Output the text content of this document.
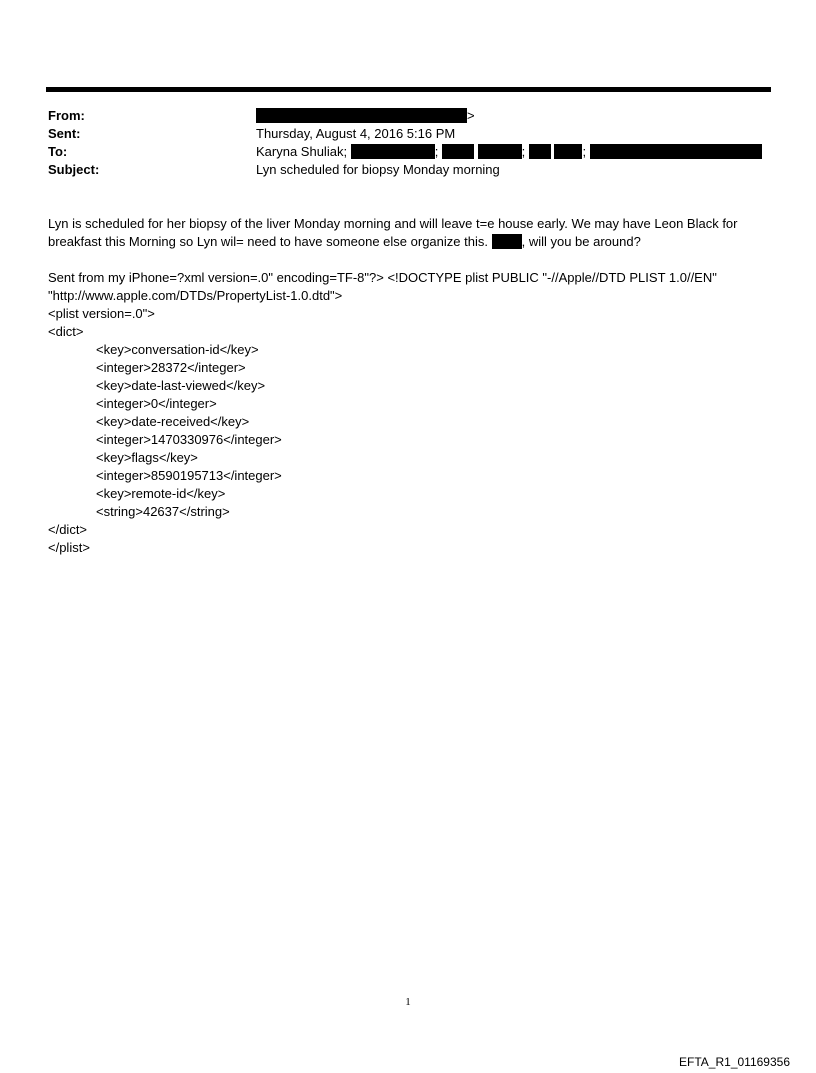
From:	>
Sent:	Thursday, August 4, 2016 5:16 PM
To:	Karyna Shuliak;	;	;	;
Subject:	Lyn scheduled for biopsy Monday morning
Lyn is scheduled for her biopsy of the liver Monday morning and will leave t=e house early. We may have Leon Black for
breakfast this Morning so Lyn wil= need to have someone else organize this.	, will you be around?
Sent from my iPhone=?xml version=.0" encoding=TF-8"?> <!DOCTYPE plist PUBLIC "-//Apple//DTD PLIST 1.0//EN"
"http://www.apple.com/DTDs/PropertyList-1.0.dtd">
<plist version=.0">
<dict>
<key>conversation-id</key>
<integer>28372</integer>
<key>date-last-viewed</key>
<integer>0</integer>
<key>date-received</key>
<integer>1470330976</integer>
<key>flags</key>
<integer>8590195713</integer>
<key>remote-id</key>
<string>42637</string>
</dict>
</plist>
1
EFTA_R1_01169356
